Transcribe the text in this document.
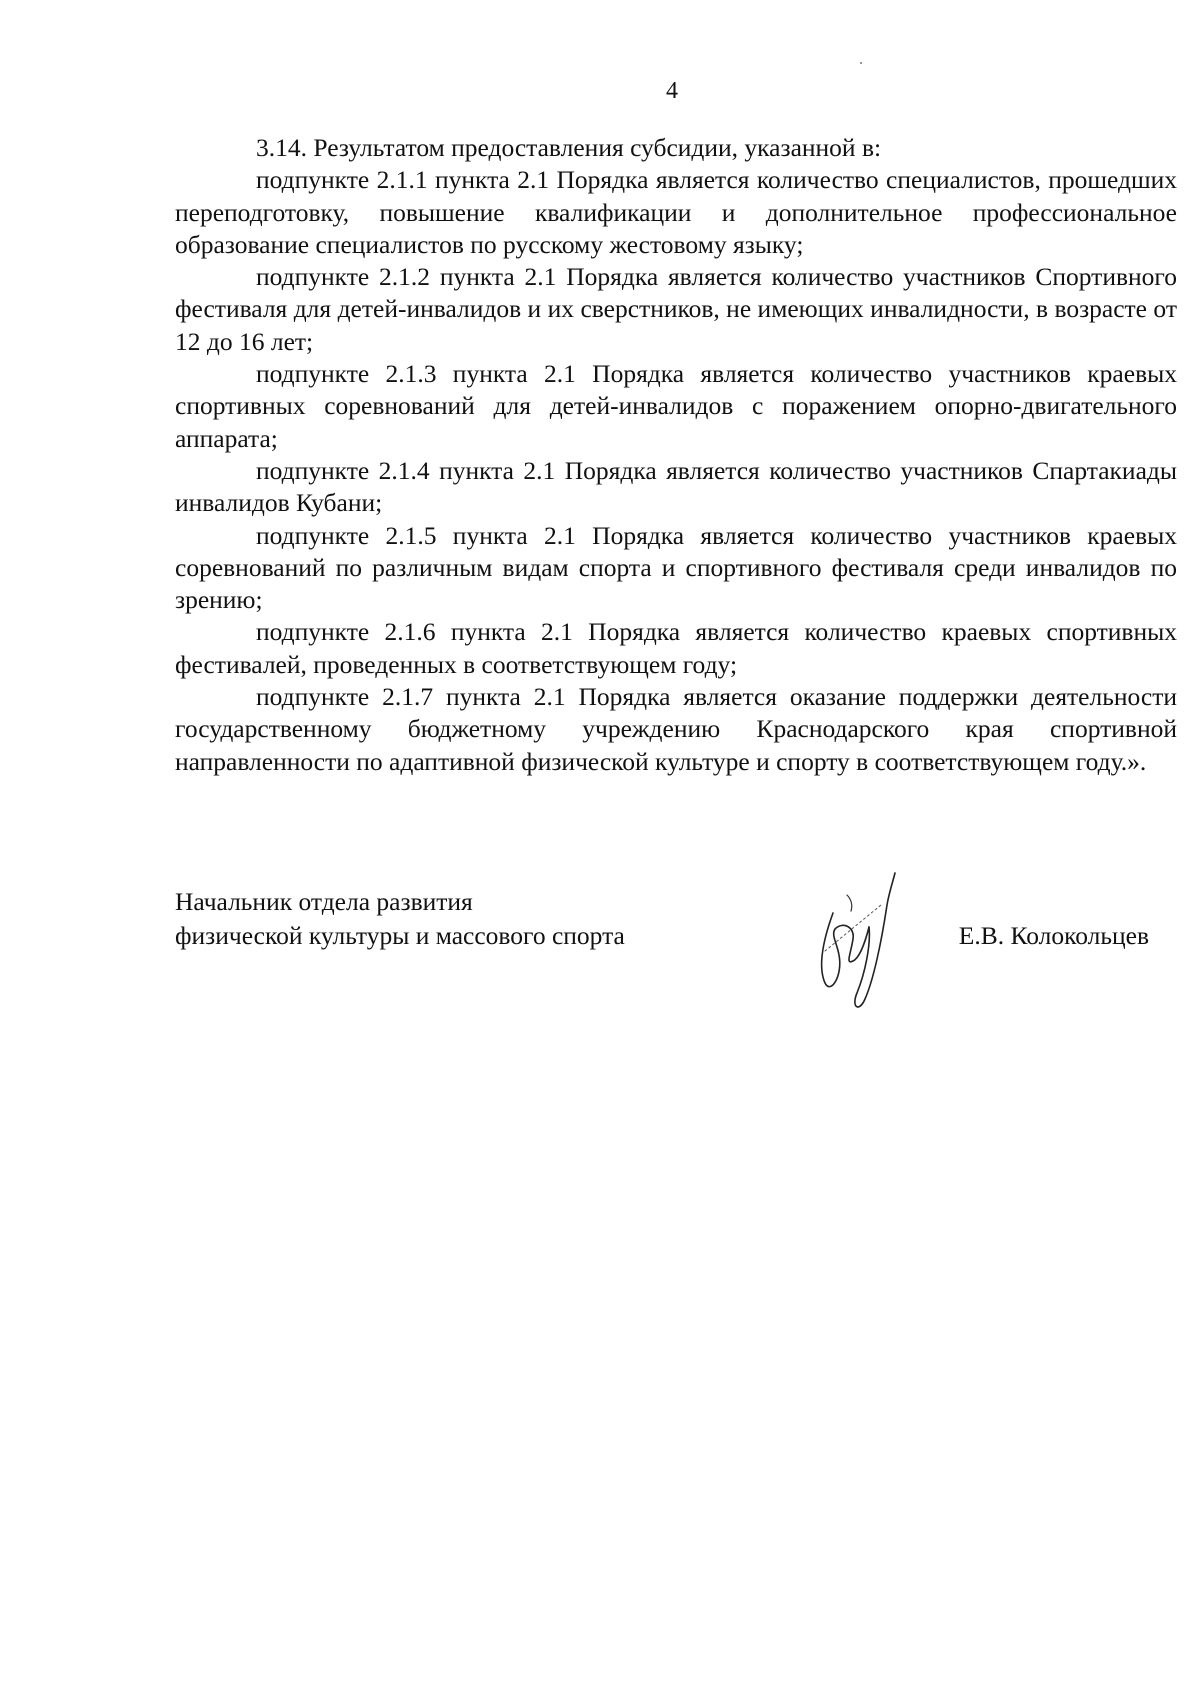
4

3.14. Результатом предоставления субсидии, указанной в:

подпункте 2.1.1 пункта 2.1 Порядка является количество специалистов, прошедших переподготовку, повышение квалификации и дополнительное профессиональное образование специалистов по русскому жестовому языку;

подпункте 2.1.2 пункта 2.1 Порядка является количество участников Спортивного фестиваля для детей-инвалидов и их сверстников, не имеющих инвалидности, в возрасте от 12 до 16 лет;

подпункте 2.1.3 пункта 2.1 Порядка является количество участников краевых спортивных соревнований для детей-инвалидов с поражением опорно-двигательного аппарата;

подпункте 2.1.4 пункта 2.1 Порядка является количество участников Спартакиады инвалидов Кубани;

подпункте 2.1.5 пункта 2.1 Порядка является количество участников краевых соревнований по различным видам спорта и спортивного фестиваля среди инвалидов по зрению;

подпункте 2.1.6 пункта 2.1 Порядка является количество краевых спортивных фестивалей, проведенных в соответствующем году;

подпункте 2.1.7 пункта 2.1 Порядка является оказание поддержки деятельности государственному бюджетному учреждению Краснодарского края спортивной направленности по адаптивной физической культуре и спорту в соответствующем году.».

Начальник отдела развития
физической культуры и массового спорта	Е.В. Колокольцев
